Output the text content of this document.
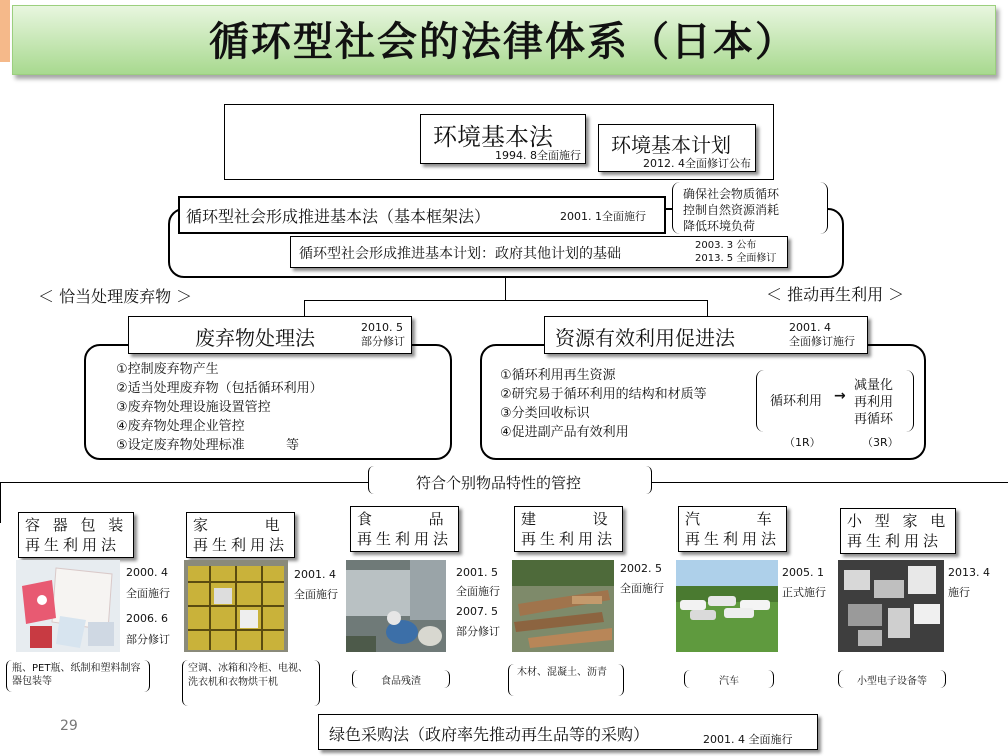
循环型社会的法律体系（日本）
环境基本法
1994. 8全面施行 环境基本计划
2012. 4全面修订公布
循环型社会形成推进基本法（基本框架法）	2001. 1全面施行
确保社会物质循环
控制自然资源消耗
降低环境负荷
循环型社会形成推进基本计划：政府其他计划的基础
2003. 3 公布
2013. 5 全面修订
＜ 恰当处理废弃物 ＞	＜ 推动再生利用 ＞
废弃物处理法	2010. 5
部分修订
①控制废弃物产生
②适当处理废弃物（包括循环利用）
③废弃物处理设施设置管控
④废弃物处理企业管控
⑤设定废弃物处理标准          等
资源有效利用促进法	2001. 4
全面修订施行
①循环利用再生资源
②研究易于循环利用的结构和材质等
③分类回收标识
④促进副产品有效利用
循环利用 →
减量化
再利用
再循环
（1R）	（3R）
符合个别物品特性的管控
容 器 包 装
再生利用法
2000. 4
全面施行
2006. 6
部分修订
瓶、PET瓶、纸制和塑料制容器包装等
家      电
再生利用法
2001. 4
全面施行
空调、冰箱和冷柜、电视、洗衣机和衣物烘干机
食      品
再生利用法
2001. 5
全面施行
2007. 5
部分修订
食品残渣
建      设
再生利用法
2002. 5
全面施行
木材、混凝土、沥青
汽      车
再生利用法
2005. 1
正式施行
汽车
小 型 家 电
再生利用法
2013. 4
施行
小型电子设备等
绿色采购法（政府率先推动再生品等的采购）	2001. 4 全面施行
29
